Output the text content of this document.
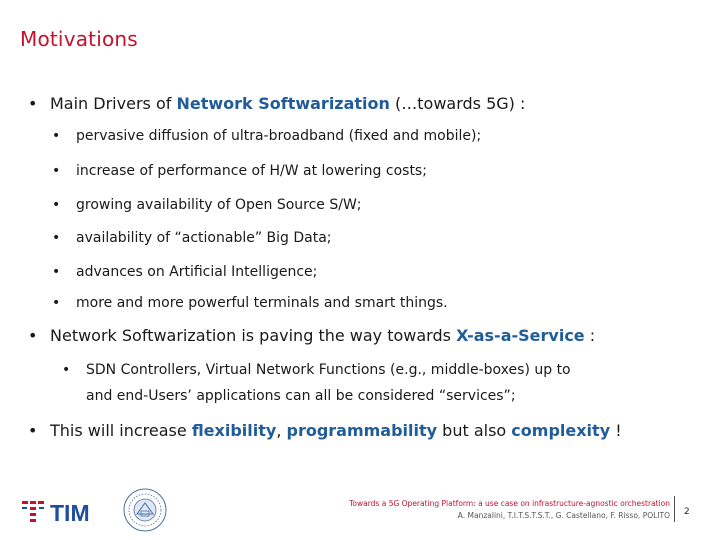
Motivations
• Main Drivers of Network Softwarization (…towards 5G) :
• pervasive diffusion of ultra-broadband (fixed and mobile);
• increase of performance of H/W at lowering costs;
• growing availability of Open Source S/W;
• availability of “actionable” Big Data;
• advances on Artificial Intelligence;
• more and more powerful terminals and smart things.
• Network Softwarization is paving the way towards X-as-a-Service :
• SDN Controllers, Virtual Network Functions (e.g., middle-boxes) up to
and end-Users’ applications can all be considered “services”;
• This will increase flexibility, programmability but also complexity !
TIM	Towards a 5G Operating Platform: a use case on infrastructure-agnostic orchestration
A. Manzalini, T.I.T.S.T.S.T., G. Castellano, F. Risso, POLITO 2
